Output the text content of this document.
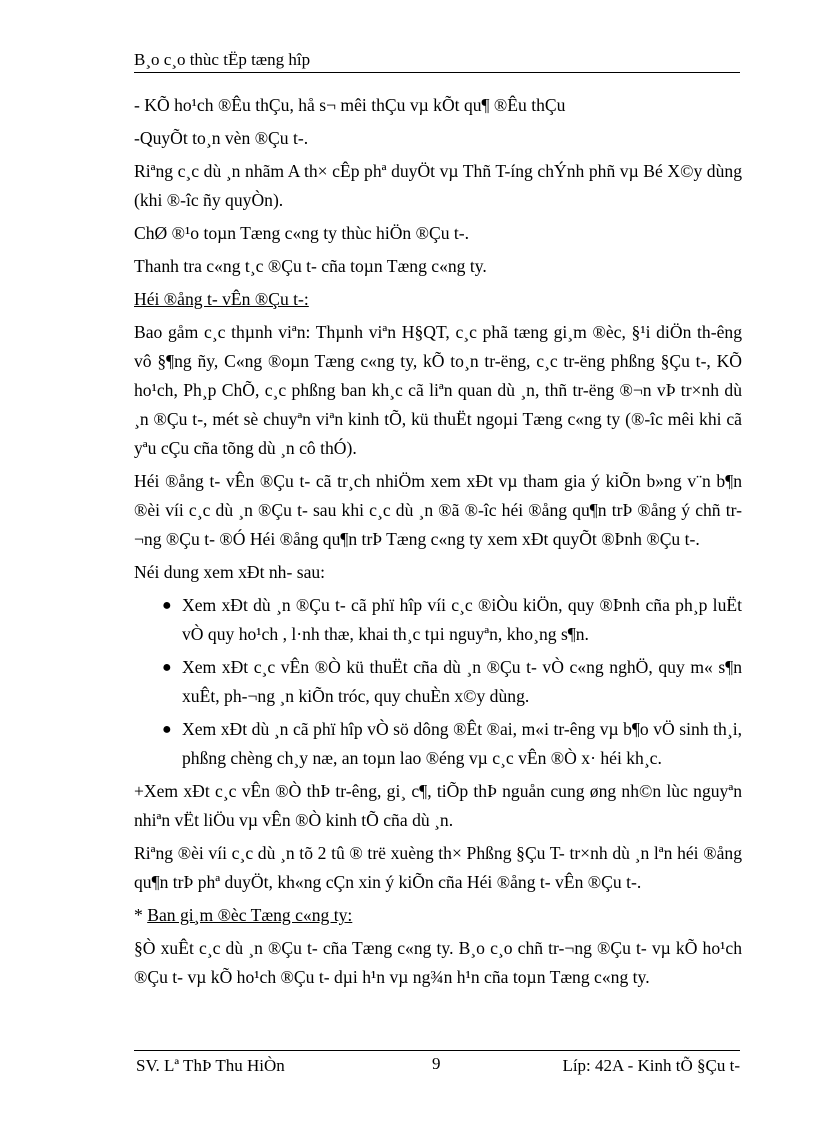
B¸o c¸o thùc tËp tæng hîp

- KÕ ho¹ch ®Êu thÇu, hå s¬ mêi thÇu vµ kÕt qu¶ ®Êu thÇu

-QuyÕt to¸n vèn ®Çu t-.

Riªng c¸c dù ¸n nhãm A th× cÊp phª duyÖt vµ Thñ T-íng chÝnh phñ vµ Bé X©y dùng (khi ®-îc ñy quyÒn).

ChØ ®¹o toµn Tæng c«ng ty thùc hiÖn ®Çu t-.

Thanh tra c«ng t¸c ®Çu t- cña toµn Tæng c«ng ty.

Héi ®ång t- vÊn ®Çu t-:

Bao gåm c¸c thµnh viªn: Thµnh viªn H§QT, c¸c phã tæng gi¸m ®èc, §¹i diÖn th-êng vô §¶ng ñy, C«ng ®oµn Tæng c«ng ty, kÕ to¸n tr-ëng, c¸c tr-ëng phßng §Çu t-, KÕ ho¹ch, Ph¸p ChÕ, c¸c phßng ban kh¸c cã liªn quan dù ¸n, thñ tr-ëng ®¬n vÞ tr×nh dù ¸n ®Çu t-, mét sè chuyªn viªn kinh tÕ, kü thuËt ngoµi Tæng c«ng ty (®-îc mêi khi cã yªu cÇu cña tõng dù ¸n cô thÓ).

Héi ®ång t- vÊn ®Çu t- cã tr¸ch nhiÖm xem xÐt vµ tham gia ý kiÕn b»ng v¨n b¶n ®èi víi c¸c dù ¸n ®Çu t- sau khi c¸c dù ¸n ®ã ®-îc héi ®ång qu¶n trÞ ®ång ý chñ tr-¬ng ®Çu t- ®Ó Héi ®ång qu¶n trÞ Tæng c«ng ty xem xÐt quyÕt ®Þnh ®Çu t-.

Néi dung xem xÐt nh- sau:

● Xem xÐt dù ¸n ®Çu t- cã phï hîp víi c¸c ®iÒu kiÖn, quy ®Þnh cña ph¸p luËt vÒ quy ho¹ch , l·nh thæ, khai th¸c tµi nguyªn, kho¸ng s¶n.
● Xem xÐt c¸c vÊn ®Ò kü thuËt cña dù ¸n ®Çu t- vÒ c«ng nghÖ, quy m« s¶n xuÊt, ph-¬ng ¸n kiÕn tróc, quy chuÈn x©y dùng.
● Xem xÐt dù ¸n cã phï hîp vÒ sö dông ®Êt ®ai, m«i tr-êng vµ b¶o vÖ sinh th¸i, phßng chèng ch¸y næ, an toµn lao ®éng vµ c¸c vÊn ®Ò x· héi kh¸c.

+Xem xÐt c¸c vÊn ®Ò thÞ tr-êng, gi¸ c¶, tiÕp thÞ nguån cung øng nh©n lùc nguyªn nhiªn vËt liÖu vµ vÊn ®Ò kinh tÕ cña dù ¸n.

Riªng ®èi víi c¸c dù ¸n tõ 2 tû ® trë xuèng th× Phßng §Çu T- tr×nh dù ¸n lªn héi ®ång qu¶n trÞ phª duyÖt, kh«ng cÇn xin ý kiÕn cña Héi ®ång t- vÊn ®Çu t-.

* Ban gi¸m ®èc Tæng c«ng ty:

§Ò xuÊt c¸c dù ¸n ®Çu t- cña Tæng c«ng ty. B¸o c¸o chñ tr-¬ng ®Çu t- vµ kÕ ho¹ch ®Çu t- vµ kÕ ho¹ch ®Çu t- dµi h¹n vµ ng¾n h¹n cña toµn Tæng c«ng ty.

SV. Lª ThÞ Thu HiÒn	9	Líp: 42A - Kinh tÕ §Çu t-
